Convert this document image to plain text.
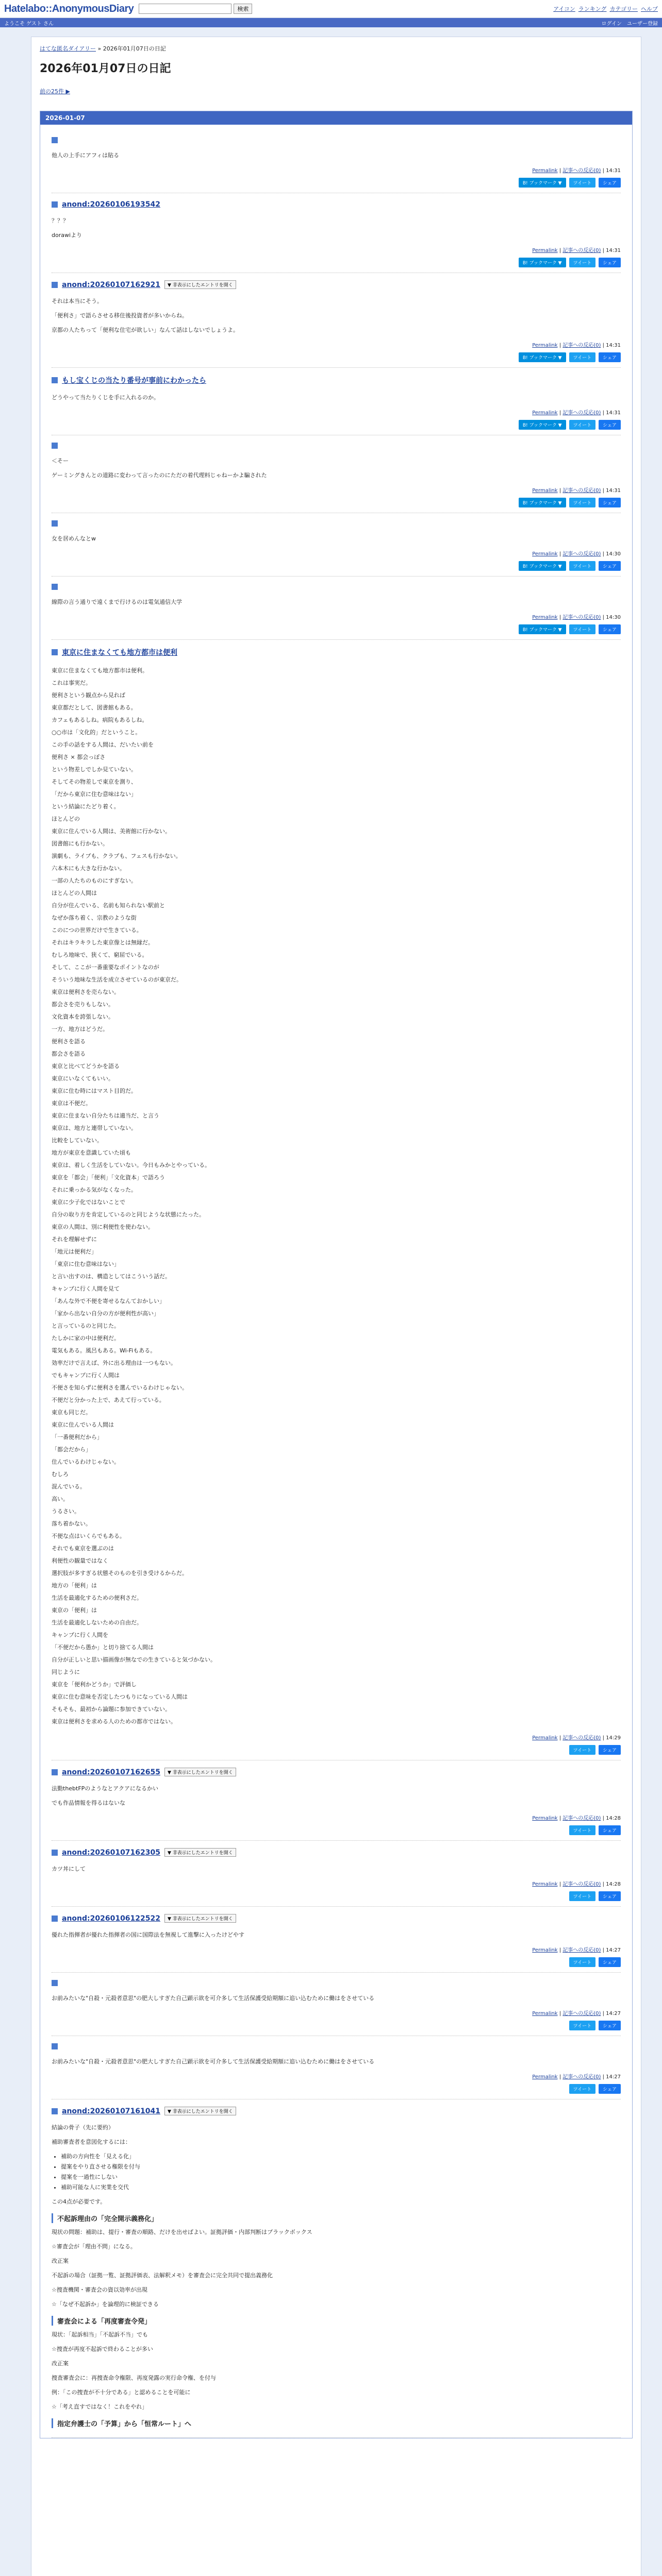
Hatelabo::AnonymousDiary	検索	アイコン ランキング カテゴリー ヘルプ
ようこそ ゲスト さん	ログイン ユーザー登録
はてな匿名ダイアリー » 2026年01月07日の日記
2026年01月07日の日記
前の25件 ▶
2026-01-07

他人の上手にアフィは貼る

Permalink | 記事への反応(0) | 14:31
B! ブックマーク ▼	ツイート	シェア
anond:20260106193542

？？？

dorawiより

Permalink | 記事への反応(0) | 14:31
B! ブックマーク ▼	ツイート	シェア
anond:20260107162921	▼ 非表示にしたエントリを開く

それは本当にそう。

「便利さ」で語らさせる移住後投資者が多いからね。

京都の人たちって「便利な住宅が欲しい」なんて話はしないでしょうよ。

Permalink | 記事への反応(0) | 14:31
B! ブックマーク ▼	ツイート	シェア
もし宝くじの当たり番号が事前にわかったら

どうやって当たりくじを手に入れるのか。

Permalink | 記事への反応(0) | 14:31
B! ブックマーク ▼	ツイート	シェア

＜そー

ゲーミングきんとの道路に変わって言ったのにただの着代理料じゃねーかよ騙された

Permalink | 記事への反応(0) | 14:31
B! ブックマーク ▼	ツイート	シェア

女を居めんなとw

Permalink | 記事への反応(0) | 14:30
B! ブックマーク ▼	ツイート	シェア

線際の言う通りで遠くまで行けるのは電気通信大学

Permalink | 記事への反応(0) | 14:30
B! ブックマーク ▼	ツイート	シェア
東京に住まなくても地方都市は便利
東京に住まなくても地方都市は便利。
これは事実だ。
便利さという観点から見れば
東京都だとして、図書館もある。
カフェもあるしね。病院もあるしね。
○○市は「文化的」だということ。
この手の話をする人間は、だいたい前を
便利さ × 都会っぽさ
という物差しでしか見ていない。
そしてその物差しで東京を測り、
「だから東京に住む意味はない」
という結論にたどり着く。
ほとんどの
東京に住んでいる人間は、美術館に行かない。
図書館にも行かない。
演劇も、ライブも、クラブも、フェスも行かない。
六本木にも大きな行かない。
一部の人たちのものにすぎない。
ほとんどの人間は
自分が住んでいる、名前も知られない駅前と
なぜか落ち着く、宗教のような街
このにつの世界だけで生きている。
それはキラキラした東京像とは無縁だ。
むしろ地味で、狭くて、窮屈でいる。
そして、ここが一番重要なポイントなのが
そういう地味な生活を成立させているのが東京だ。
東京は便利さを売らない。
都会さを売りもしない。
文化資本を誇張しない。
一方、地方はどうだ。
便利さを語る
都会さを語る
東京と比べてどうかを語る
東京にいなくてもいい。
東京に住む時にはマスト目的だ。
東京は不便だ。
東京に住まない自分たちは適当だ、と言う
東京は、地方と連帯していない。
比較をしていない。
地方が東京を意識していた頃も
東京は、着しく生活をしていない。今日もみかとやっている。
東京を「都会」「便利」「文化資本」で語ろう
それに乗っかる気がなくなった。
東京に少子化ではないことで
自分の取り方を肯定しているのと同じような状態にたった。
東京の人間は、別に利便性を使わない。
それを理解せずに
「地元は便利だ」
「東京に住む意味はない」
と言い出すのは、構造としてはこういう話だ。
キャンプに行く人間を見て
「あんな外で不便を寄せるなんておかしい」
「家から出ない自分の方が便利性が高い」
と言っているのと同じた。
たしかに家の中は便利だ。
電気もある。風呂もある。Wi-Fiもある。
効率だけで言えば、外に出る理由は一つもない。
でもキャンプに行く人間は
不便さを知らずに便利さを選んでいるわけじゃない。
不便だと分かった上で、あえて行っている。
東京も同じだ。
東京に住んでいる人間は
「一番便利だから」
「都会だから」
住んでいるわけじゃない。
むしろ
混んでいる。
高い。
うるさい。
落ち着かない。
不便な点はいくらでもある。
それでも東京を選ぶのは
利便性の観量ではなく
選択肢が多すぎる状態そのものを引き受けるからだ。
地方の「便利」は
生活を最適化するための便利さだ。
東京の「便利」は
生活を最適化しないための自由だ。
キャンプに行く人間を
「不便だから愚か」と切り捨てる人間は
自分が正しいと思い描画像が無なでの生きていると気づかない。
同じように
東京を「便利かどうか」で評価し
東京に住む意味を否定したつもりになっている人間は
そもそも、最初から論題に参加できていない。
東京は便利さを求める人のための都市ではない。
Permalink | 記事への反応(0) | 14:29
ツイート	シェア
anond:20260107162655	▼ 非表示にしたエントリを開く

法勤thebtFPのようなとアクアになるかい

でも作品情報を得るはないな

Permalink | 記事への反応(0) | 14:28
ツイート	シェア
anond:20260107162305	▼ 非表示にしたエントリを開く

カツ丼にして

Permalink | 記事への反応(0) | 14:28
ツイート	シェア
anond:20260106122522	▼ 非表示にしたエントリを開く

優れた指揮者が優れた指揮者の国に国際法を無視して進撃に入ったけどやす

Permalink | 記事への反応(0) | 14:27
ツイート	シェア

お前みたいな"自殺・元殺者意思"の肥大しすぎた自己顕示欲を可介多して生活保護受給期額に追い込むために働はをさせている

Permalink | 記事への反応(0) | 14:27
ツイート	シェア

お前みたいな"自殺・元殺者意思"の肥大しすぎた自己顕示欲を可介多して生活保護受給期額に追い込むために働はをさせている

Permalink | 記事への反応(0) | 14:27
ツイート	シェア
anond:20260107161041	▼ 非表示にしたエントリを開く

結論の骨子（先に要約）

補助審査者を意図化するには：

• 補助の方向性を「見える化」
• 提案をやり直させる権限を付与
• 提案を一過性にしない
• 補助可能な人に実業を交代

この4点が必要です。

不起訴理由の「完全開示義務化」

現状の問題：補助は、提行・審査の順路、だけを出せばよい。証拠評価・内部判断はブラックボックス

☆審査会が「理由不問」になる。

改正案

不起訴の場合（証拠一覧、証拠評価表、法解釈メモ）を審査会に完全共同で提出義務化

☆捜査機関・審査会の資以効率が出現

☆「なぜ不起訴か」を論理的に検証できる

審査会による「再度審査令発」

現状：「起訴相当」「不起訴不当」でも

☆捜査が再度不起訴で終わることが多い

改正案

捜査審査会に：再捜査命令権限、再度発露の実行命令権、を付与

例：「この捜査が不十分である」と認めることを可能に

☆「考え直すではなく！これをやれ」

指定弁護士の「予算」から「恒常ルート」へ
